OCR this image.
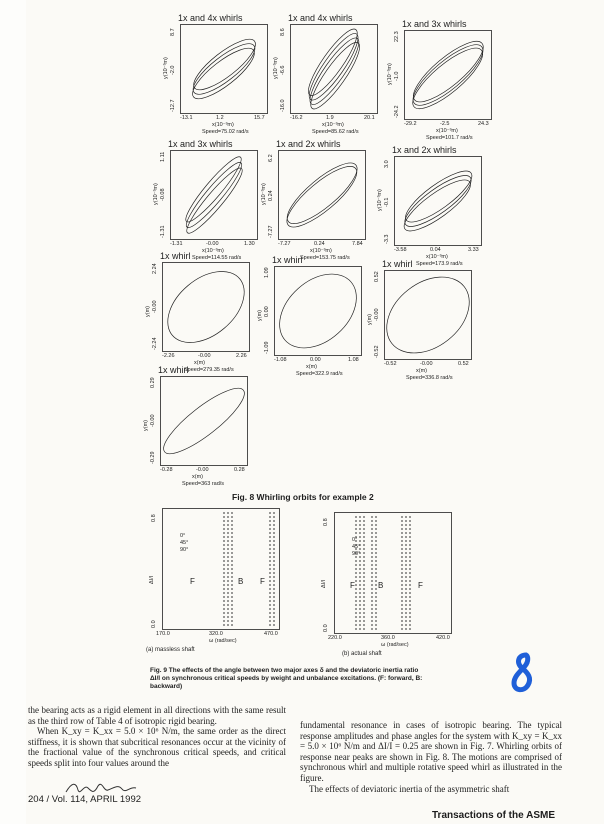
1x and 4x whirls
-13.1	1.2	15.7
x(10⁻³m)
Speed=75.02 rad/s
-12.7
-2.0
8.7
y(10⁻³m)
1x and 4x whirls
-16.2	1.9	20.1
x(10⁻³m)
Speed=85.62 rad/s
-16.0
-6.6
8.6
y(10⁻³m)
1x and 3x whirls
-29.2	-2.5	24.3
x(10⁻³m)
Speed=101.7 rad/s
-24.2
-1.0
22.3
y(10⁻³m)
1x and 3x whirls
-1.31	-0.00	1.30
x(10⁻³m)
Speed=114.55 rad/s
-1.31
-0.08
1.11
y(10⁻³m)
1x and 2x whirls
-7.27	0.24	7.84
x(10⁻³m)
Speed=153.75 rad/s
-7.27
0.24
6.2
y(10⁻³m)
1x and 2x whirls
-3.58	0.04	3.33
x(10⁻³m)
Speed=173.9 rad/s
-3.3
-0.1
3.0
y(10⁻³m)
1x whirl
-2.26	-0.00	2.26
x(m)
Speed=279.35 rad/s
-2.24
-0.00
2.24
y(m)
1x whirl
-1.08	0.00	1.08
x(m)
Speed=322.9 rad/s
-1.09
0.00
1.09
y(m)
1x whirl
-0.52	-0.00	0.52
x(m)
Speed=336.8 rad/s
-0.52
-0.00
0.52
y(m)
1x whirl
-0.28	-0.00	0.28
x(m)
Speed=363 rad/s
-0.29
-0.00
0.29
y(m)
Fig. 8 Whirling orbits for example 2
0°
45°
90°
F	B F
170.0	320.0	470.0
ω (rad/sec)
(a) massless shaft
0.0
0.8
ΔI/I
0°
45°
90°
F	B	F
220.0	360.0	420.0
ω (rad/sec)
(b) actual shaft
0.0
0.8
ΔI/I
Fig. 9 The effects of the angle between two major axes δ and the deviatoric inertia ratio ΔI/I on synchronous critical speeds by weight and unbalance excitations. (F: forward, B: backward)
the bearing acts as a rigid element in all directions with the same result as the third row of Table 4 of isotropic rigid bearing.
 When K_xy = K_xx = 5.0 × 10⁶ N/m, the same order as the direct stiffness, it is shown that subcritical resonances occur at the vicinity of the fractional value of the synchronous critical speeds, and critical speeds split into four values around the
fundamental resonance in cases of isotropic bearing. The typical response amplitudes and phase angles for the system with K_xy = K_xx = 5.0 × 10⁶ N/m and ΔI/I = 0.25 are shown in Fig. 7. Whirling orbits of response near peaks are shown in Fig. 8. The motions are comprised of synchronous whirl and multiple rotative speed whirl as illustrated in the figure.
 The effects of deviatoric inertia of the asymmetric shaft
204 / Vol. 114, APRIL 1992
Transactions of the ASME
